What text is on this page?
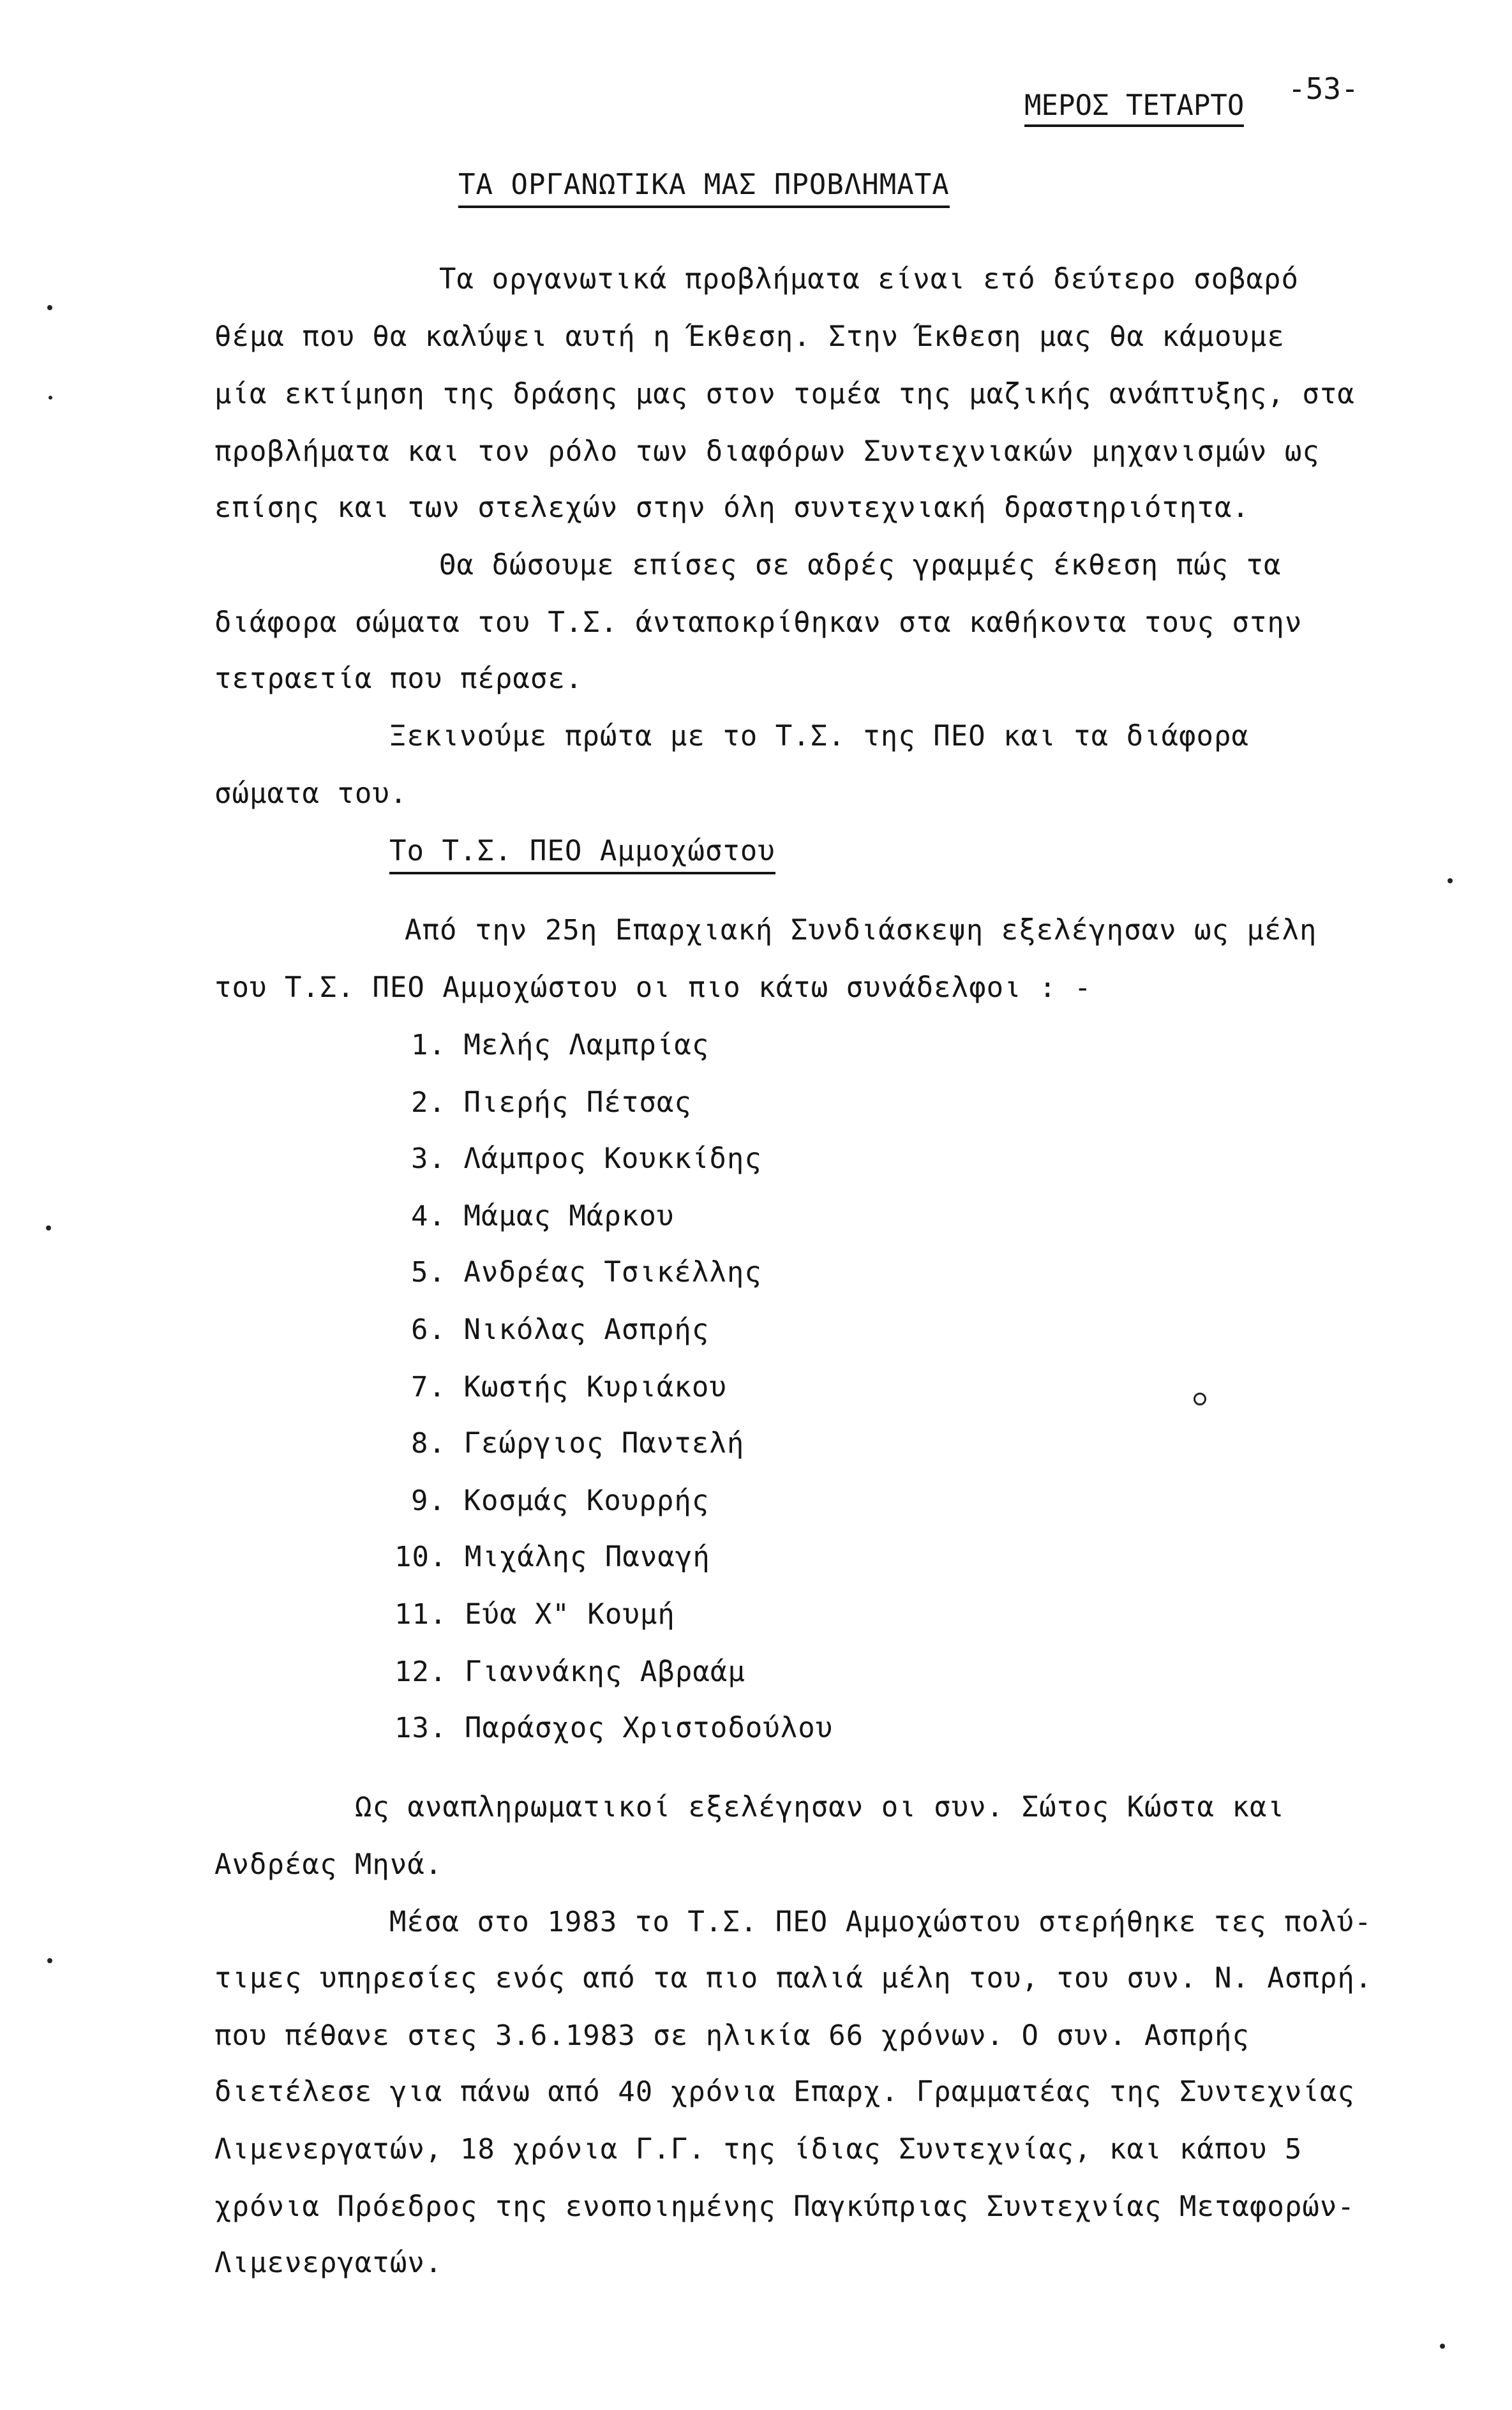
ΜΕΡΟΣ ΤΕΤΑΡΤΟ -53-
ΤΑ ΟΡΓΑΝΩΤΙΚΑ ΜΑΣ ΠΡΟΒΛΗΜΑΤΑ
Τα οργανωτικά προβλήματα είναι ετό δεύτερο σοβαρό
θέμα που θα καλύψει αυτή η Έκθεση. Στην Έκθεση μας θα κάμουμε
μία εκτίμηση της δράσης μας στον τομέα της μαζικής ανάπτυξης, στα
προβλήματα και τον ρόλο των διαφόρων Συντεχνιακών μηχανισμών ως
επίσης και των στελεχών στην όλη συντεχνιακή δραστηριότητα.
Θα δώσουμε επίσες σε αδρές γραμμές έκθεση πώς τα
διάφορα σώματα του Τ.Σ. άνταποκρίθηκαν στα καθήκοντα τους στην
τετραετία που πέρασε.
Ξεκινούμε πρώτα με το Τ.Σ. της ΠΕΟ και τα διάφορα
σώματα του.
Το Τ.Σ. ΠΕΟ Αμμοχώστου
Από την 25η Επαρχιακή Συνδιάσκεψη εξελέγησαν ως μέλη
του Τ.Σ. ΠΕΟ Αμμοχώστου οι πιο κάτω συνάδελφοι : -
1. Μελής Λαμπρίας
2. Πιερής Πέτσας
3. Λάμπρος Κουκκίδης
4. Μάμας Μάρκου
5. Ανδρέας Τσικέλλης
6. Νικόλας Ασπρής
7. Κωστής Κυριάκου
8. Γεώργιος Παντελή
9. Κοσμάς Κουρρής
10. Μιχάλης Παναγή
11. Εύα Χ" Κουμή
12. Γιαννάκης Αβραάμ
13. Παράσχος Χριστοδούλου
Ως αναπληρωματικοί εξελέγησαν οι συν. Σώτος Κώστα και
Ανδρέας Μηνά.
Μέσα στο 1983 το Τ.Σ. ΠΕΟ Αμμοχώστου στερήθηκε τες πολύ-
τιμες υπηρεσίες ενός από τα πιο παλιά μέλη του, του συν. Ν. Ασπρή.
που πέθανε στες 3.6.1983 σε ηλικία 66 χρόνων. Ο συν. Ασπρής
διετέλεσε για πάνω από 40 χρόνια Επαρχ. Γραμματέας της Συντεχνίας
Λιμενεργατών, 18 χρόνια Γ.Γ. της ίδιας Συντεχνίας, και κάπου 5
χρόνια Πρόεδρος της ενοποιημένης Παγκύπριας Συντεχνίας Μεταφορών-
Λιμενεργατών.
